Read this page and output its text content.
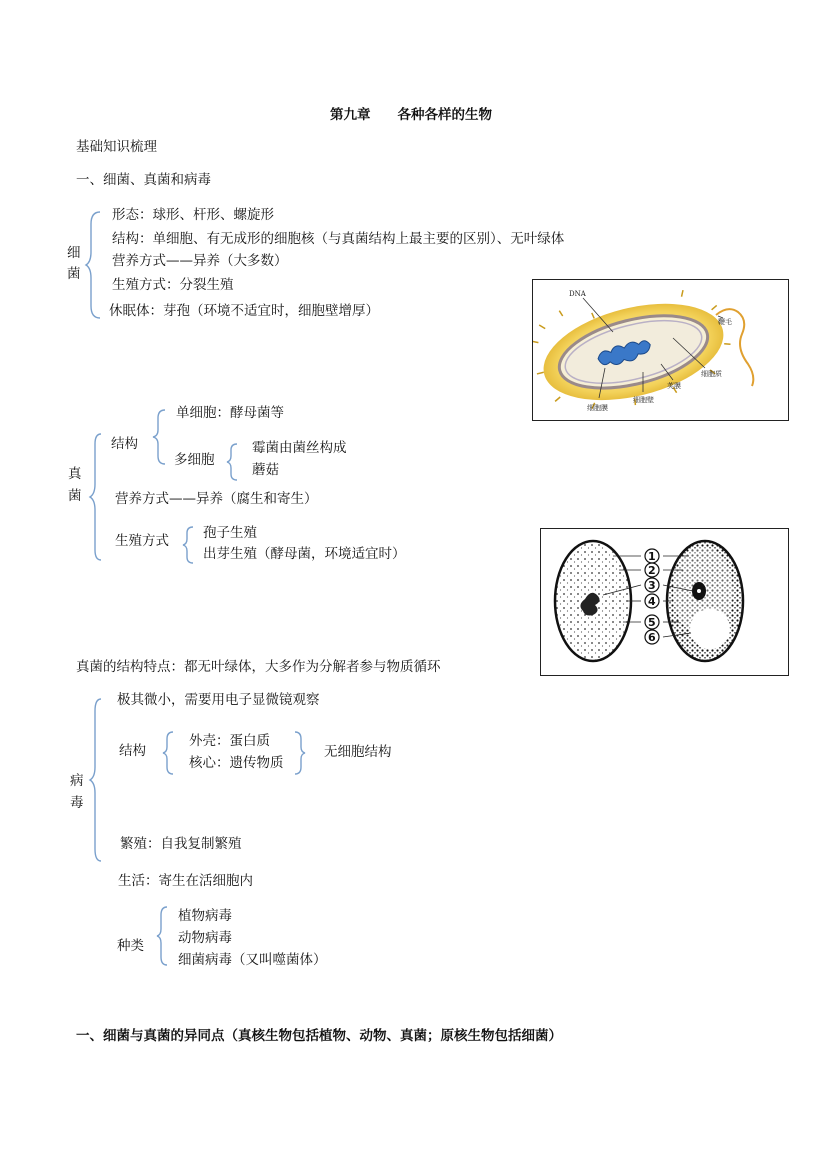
第九章　　各种各样的生物
基础知识梳理
一、细菌、真菌和病毒
细
菌
形态：球形、杆形、螺旋形
结构：单细胞、有无成形的细胞核（与真菌结构上最主要的区别）、无叶绿体
营养方式——异养（大多数）
生殖方式：分裂生殖
休眠体：芽孢（环境不适宜时，细胞壁增厚）
DNA
鞭毛
细胞质
荚膜
细胞膜
细胞壁
真
菌
结构
单细胞：酵母菌等
多细胞
霉菌由菌丝构成
蘑菇
营养方式——异养（腐生和寄生）
生殖方式	孢子生殖
出芽生殖（酵母菌，环境适宜时）	1
2
3
4
5
6
真菌的结构特点：都无叶绿体，大多作为分解者参与物质循环
病
毒
极其微小，需要用电子显微镜观察
结构
外壳：蛋白质
核心：遗传物质
无细胞结构
繁殖：自我复制繁殖
生活：寄生在活细胞内
种类
植物病毒
动物病毒
细菌病毒（又叫噬菌体）
一、细菌与真菌的异同点（真核生物包括植物、动物、真菌；原核生物包括细菌）
